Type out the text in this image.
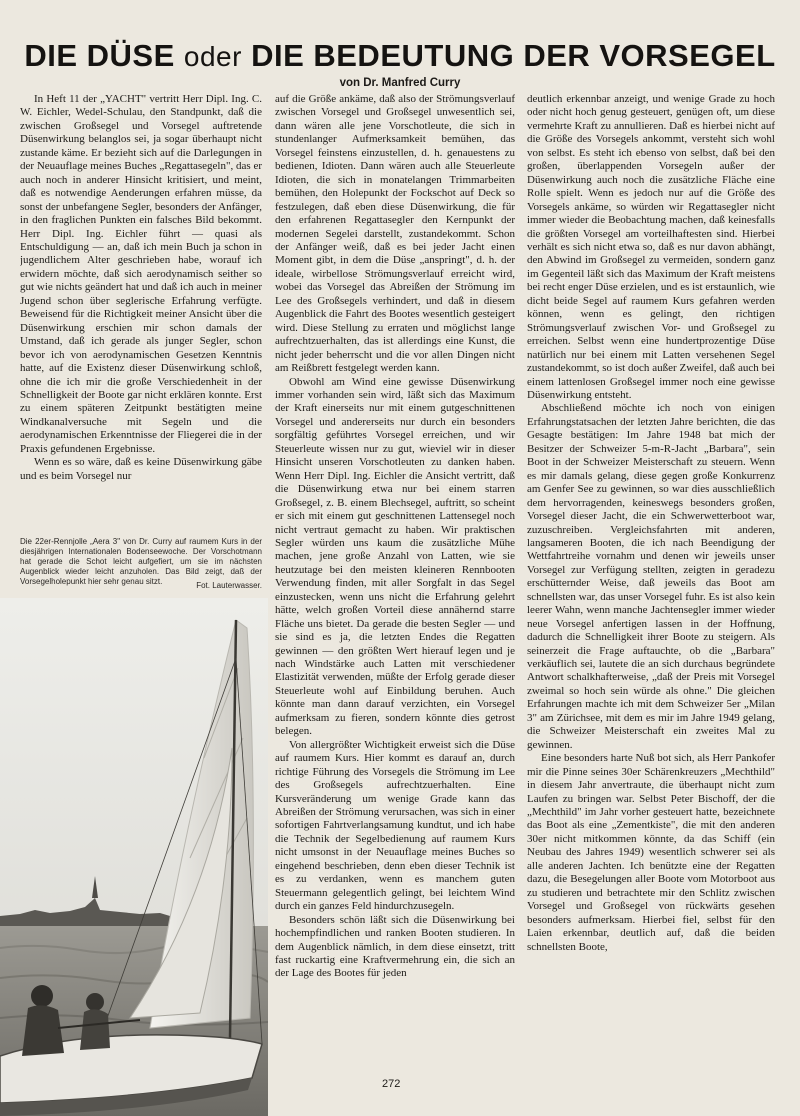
DIE DÜSE oder DIE BEDEUTUNG DER VORSEGEL
von Dr. Manfred Curry

In Heft 11 der „YACHT" vertritt Herr Dipl. Ing. C. W. Eichler, Wedel-Schulau, den Standpunkt, daß die zwischen Großsegel und Vorsegel auftretende Düsenwirkung belanglos sei, ja sogar überhaupt nicht zustande käme. Er bezieht sich auf die Darlegungen in der Neuauflage meines Buches „Regattasegeln", das er auch noch in anderer Hinsicht kritisiert, und meint, daß es notwendige Aenderungen erfahren müsse, da sonst der unbefangene Segler, besonders der Anfänger, in den fraglichen Punkten ein falsches Bild bekommt. Herr Dipl. Ing. Eichler führt — quasi als Entschuldigung — an, daß ich mein Buch ja schon in jugendlichem Alter geschrieben habe, worauf ich erwidern möchte, daß sich aerodynamisch seither so gut wie nichts geändert hat und daß ich auch in meiner Jugend schon über seglerische Erfahrung verfügte. Beweisend für die Richtigkeit meiner Ansicht über die Düsenwirkung erschien mir schon damals der Umstand, daß ich gerade als junger Segler, schon bevor ich von aerodynamischen Gesetzen Kenntnis hatte, auf die Existenz dieser Düsenwirkung schloß, ohne die ich mir die große Verschiedenheit in der Schnelligkeit der Boote gar nicht erklären konnte. Erst zu einem späteren Zeitpunkt bestätigten meine Windkanalversuche mit Segeln und die aerodynamischen Erkenntnisse der Fliegerei die in der Praxis gefundenen Ergebnisse.

Wenn es so wäre, daß es keine Düsenwirkung gäbe und es beim Vorsegel nur

Die 22er-Rennjolle „Aera 3" von Dr. Curry auf raumem Kurs in der diesjährigen Internationalen Bodenseewoche. Der Vorschotmann hat gerade die Schot leicht aufgefiert, um sie im nächsten Augenblick wieder leicht anzuholen. Das Bild zeigt, daß der Vorsegelholepunkt hier sehr genau sitzt.	Fot. Lauterwasser.

auf die Größe ankäme, daß also der Strömungsverlauf zwischen Vorsegel und Großsegel unwesentlich sei, dann wären alle jene Vorschotleute, die sich in stundenlanger Aufmerksamkeit bemühen, das Vorsegel feinstens einzustellen, d. h. genauestens zu bedienen, Idioten. Dann wären auch alle Steuerleute Idioten, die sich in monatelangen Trimmarbeiten bemühen, den Holepunkt der Fockschot auf Deck so festzulegen, daß eben diese Düsenwirkung, die für den erfahrenen Regattasegler den Kernpunkt der modernen Segelei darstellt, zustandekommt. Schon der Anfänger weiß, daß es bei jeder Jacht einen Moment gibt, in dem die Düse „anspringt", d. h. der ideale, wirbellose Strömungsverlauf erreicht wird, wobei das Vorsegel das Abreißen der Strömung im Lee des Großsegels verhindert, und daß in diesem Augenblick die Fahrt des Bootes wesentlich gesteigert wird. Diese Stellung zu erraten und möglichst lange aufrechtzuerhalten, das ist allerdings eine Kunst, die nicht jeder beherrscht und die vor allen Dingen nicht am Reißbrett festgelegt werden kann.

Obwohl am Wind eine gewisse Düsenwirkung immer vorhanden sein wird, läßt sich das Maximum der Kraft einerseits nur mit einem gutgeschnittenen Vorsegel und andererseits nur durch ein besonders sorgfältig geführtes Vorsegel erreichen, und wir Steuerleute wissen nur zu gut, wieviel wir in dieser Hinsicht unseren Vorschotleuten zu danken haben. Wenn Herr Dipl. Ing. Eichler die Ansicht vertritt, daß die Düsenwirkung etwa nur bei einem starren Großsegel, z. B. einem Blechsegel, auftritt, so scheint er sich mit einem gut geschnittenen Lattensegel noch nicht vertraut gemacht zu haben. Wir praktischen Segler würden uns kaum die zusätzliche Mühe machen, jene große Anzahl von Latten, wie sie heutzutage bei den meisten kleineren Rennbooten Verwendung finden, mit aller Sorgfalt in das Segel einzustecken, wenn uns nicht die Erfahrung gelehrt hätte, welch großen Vorteil diese annähernd starre Fläche uns bietet. Da gerade die besten Segler — und sie sind es ja, die letzten Endes die Regatten gewinnen — den größten Wert hierauf legen und je nach Windstärke auch Latten mit verschiedener Elastizität verwenden, müßte der Erfolg gerade dieser Steuerleute wohl auf Einbildung beruhen. Auch könnte man dann darauf verzichten, ein Vorsegel aufmerksam zu fieren, sondern könnte dies getrost belegen.

Von allergrößter Wichtigkeit erweist sich die Düse auf raumem Kurs. Hier kommt es darauf an, durch richtige Führung des Vorsegels die Strömung im Lee des Großsegels aufrechtzuerhalten. Eine Kursveränderung um wenige Grade kann das Abreißen der Strömung verursachen, was sich in einer sofortigen Fahrtverlangsamung kundtut, und ich habe die Technik der Segelbedienung auf raumem Kurs nicht umsonst in der Neuauflage meines Buches so eingehend beschrieben, denn eben dieser Technik ist es zu verdanken, wenn es manchem guten Steuermann gelegentlich gelingt, bei leichtem Wind durch ein ganzes Feld hindurchzusegeln.

Besonders schön läßt sich die Düsenwirkung bei hochempfindlichen und ranken Booten studieren. In dem Augenblick nämlich, in dem diese einsetzt, tritt fast ruckartig eine Kraftvermehrung ein, die sich an der Lage des Bootes für jeden

deutlich erkennbar anzeigt, und wenige Grade zu hoch oder nicht hoch genug gesteuert, genügen oft, um diese vermehrte Kraft zu annullieren. Daß es hierbei nicht auf die Größe des Vorsegels ankommt, versteht sich wohl von selbst. Es steht ich ebenso von selbst, daß bei den großen, überlappenden Vorsegeln außer der Düsenwirkung auch noch die zusätzliche Fläche eine Rolle spielt. Wenn es jedoch nur auf die Größe des Vorsegels ankäme, so würden wir Regattasegler nicht immer wieder die Beobachtung machen, daß keinesfalls die größten Vorsegel am vorteilhaftesten sind. Hierbei verhält es sich nicht etwa so, daß es nur davon abhängt, den Abwind im Großsegel zu vermeiden, sondern ganz im Gegenteil läßt sich das Maximum der Kraft meistens bei recht enger Düse erzielen, und es ist erstaunlich, wie dicht beide Segel auf raumem Kurs gefahren werden können, wenn es gelingt, den richtigen Strömungsverlauf zwischen Vor- und Großsegel zu erreichen. Selbst wenn eine hundertprozentige Düse natürlich nur bei einem mit Latten versehenen Segel zustandekommt, so ist doch außer Zweifel, daß auch bei einem lattenlosen Großsegel immer noch eine gewisse Düsenwirkung entsteht.

Abschließend möchte ich noch von einigen Erfahrungstatsachen der letzten Jahre berichten, die das Gesagte bestätigen: Im Jahre 1948 bat mich der Besitzer der Schweizer 5-m-R-Jacht „Barbara", sein Boot in der Schweizer Meisterschaft zu steuern. Wenn es mir damals gelang, diese gegen große Konkurrenz am Genfer See zu gewinnen, so war dies ausschließlich dem hervorragenden, keineswegs besonders großen, Vorsegel dieser Jacht, die ein Schwerwetterboot war, zuzuschreiben. Vergleichsfahrten mit anderen, langsameren Booten, die ich nach Beendigung der Wettfahrtreihe vornahm und denen wir jeweils unser Vorsegel zur Verfügung stellten, zeigten in geradezu erschütternder Weise, daß jeweils das Boot am schnellsten war, das unser Vorsegel fuhr. Es ist also kein leerer Wahn, wenn manche Jachtensegler immer wieder neue Vorsegel anfertigen lassen in der Hoffnung, dadurch die Schnelligkeit ihrer Boote zu steigern. Als seinerzeit die Frage auftauchte, ob die „Barbara" verkäuflich sei, lautete die an sich durchaus begründete Antwort schalkhafterweise, „daß der Preis mit Vorsegel zweimal so hoch sein würde als ohne." Die gleichen Erfahrungen machte ich mit dem Schweizer 5er „Milan 3" am Zürichsee, mit dem es mir im Jahre 1949 gelang, die Schweizer Meisterschaft ein zweites Mal zu gewinnen.

Eine besonders harte Nuß bot sich, als Herr Pankofer mir die Pinne seines 30er Schärenkreuzers „Mechthild" in diesem Jahr anvertraute, die überhaupt nicht zum Laufen zu bringen war. Selbst Peter Bischoff, der die „Mechthild" im Jahr vorher gesteuert hatte, bezeichnete das Boot als eine „Zementkiste", die mit den anderen 30er nicht mitkommen könnte, da das Schiff (ein Neubau des Jahres 1949) wesentlich schwerer sei als alle anderen Jachten. Ich benützte eine der Regatten dazu, die Besegelungen aller Boote vom Motorboot aus zu studieren und betrachtete mir den Schlitz zwischen Vorsegel und Großsegel von rückwärts gesehen besonders aufmerksam. Hierbei fiel, selbst für den Laien erkennbar, deutlich auf, daß die beiden schnellsten Boote,

272
